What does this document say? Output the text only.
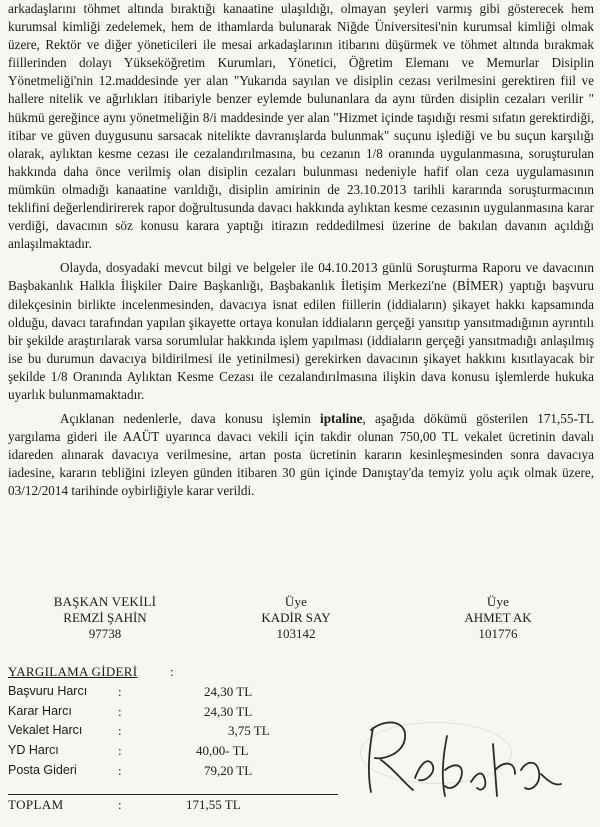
arkadaşlarını töhmet altında bıraktığı kanaatine ulaşıldığı, olmayan şeyleri varmış gibi gösterecek hem kurumsal kimliği zedelemek, hem de ithamlarda bulunarak Niğde Üniversitesi'nin kurumsal kimliği olmak üzere, Rektör ve diğer yöneticileri ile mesai arkadaşlarının itibarını düşürmek ve töhmet altında bırakmak fiillerinden dolayı Yükseköğretim Kurumları, Yönetici, Öğretim Elemanı ve Memurlar Disiplin Yönetmeliği'nin 12.maddesinde yer alan "Yukarıda sayılan ve disiplin cezası verilmesini gerektiren fiil ve hallere nitelik ve ağırlıkları itibariyle benzer eylemde bulunanlara da aynı türden disiplin cezaları verilir " hükmü gereğince aynı yönetmeliğin 8/i maddesinde yer alan "Hizmet içinde taşıdığı resmi sıfatın gerektirdiği, itibar ve güven duygusunu sarsacak nitelikte davranışlarda bulunmak" suçunu işlediği ve bu suçun karşılığı olarak, aylıktan kesme cezası ile cezalandırılmasına, bu cezanın 1/8 oranında uygulanmasına, soruşturulan hakkında daha önce verilmiş olan disiplin cezaları bulunması nedeniyle hafif olan ceza uygulamasının mümkün olmadığı kanaatine varıldığı, disiplin amirinin de 23.10.2013 tarihli kararında soruşturmacının teklifini değerlendirirerek rapor doğrultusunda davacı hakkında aylıktan kesme cezasının uygulanmasına karar verdiği, davacının söz konusu karara yaptığı itirazın reddedilmesi üzerine de bakılan davanın açıldığı anlaşılmaktadır.

Olayda, dosyadaki mevcut bilgi ve belgeler ile 04.10.2013 günlü Soruşturma Raporu ve davacının Başbakanlık Halkla İlişkiler Daire Başkanlığı, Başbakanlık İletişim Merkezi'ne (BİMER) yaptığı başvuru dilekçesinin birlikte incelenmesinden, davacıya isnat edilen fiillerin (iddiaların) şikayet hakkı kapsamında olduğu, davacı tarafından yapılan şikayette ortaya konulan iddiaların gerçeği yansıtıp yansıtmadığının ayrıntılı bir şekilde araştırılarak varsa sorumlular hakkında işlem yapılması (iddiaların gerçeği yansıtmadığı anlaşılmış ise bu durumun davacıya bildirilmesi ile yetinilmesi) gerekirken davacının şikayet hakkını kısıtlayacak bir şekilde 1/8 Oranında Aylıktan Kesme Cezası ile cezalandırılmasına ilişkin dava konusu işlemlerde hukuka uyarlık bulunmamaktadır.

Açıklanan nedenlerle, dava konusu işlemin iptaline, aşağıda dökümü gösterilen 171,55-TL yargılama gideri ile AAÜT uyarınca davacı vekili için takdir olunan 750,00 TL vekalet ücretinin davalı idareden alınarak davacıya verilmesine, artan posta ücretinin kararın kesinleşmesinden sonra davacıya iadesine, kararın tebliğini izleyen günden itibaren 30 gün içinde Danıştay'da temyiz yolu açık olmak üzere, 03/12/2014 tarihinde oybirliğiyle karar verildi.

BAŞKAN VEKİLİ
REMZİ ŞAHİN
97738
Üye
KADİR SAY
103142
Üye
AHMET AK
101776
YARGILAMA GİDERİ	:
Başvuru Harcı :	24,30 TL
Karar Harcı	:	24,30 TL
Vekalet Harcı	:	3,75 TL
YD Harcı	:	40,00- TL
Posta Gideri	:	79,20 TL
TOPLAM	:	171,55 TL
